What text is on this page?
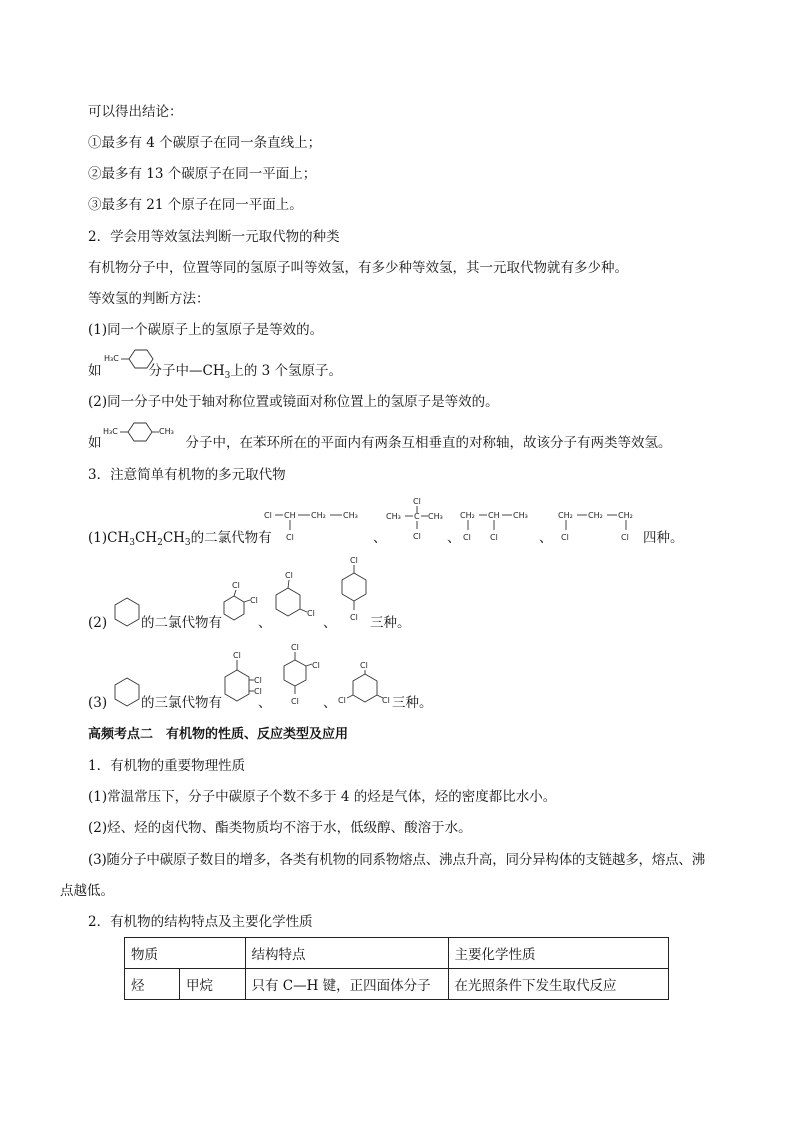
可以得出结论：
①最多有 4 个碳原子在同一条直线上；
②最多有 13 个碳原子在同一平面上；
③最多有 21 个原子在同一平面上。
2．学会用等效氢法判断一元取代物的种类
有机物分子中，位置等同的氢原子叫等效氢，有多少种等效氢，其一元取代物就有多少种。
等效氢的判断方法：
(1)同一个碳原子上的氢原子是等效的。
如	分子中$—CH_3$上的 3 个氢原子。
H₃C
(2)同一分子中处于轴对称位置或镜面对称位置上的氢原子是等效的。
如	分子中，在苯环所在的平面内有两条互相垂直的对称轴，故该分子有两类等效氢。
H₃C	CH₃
3．注意简单有机物的多元取代物
$(1)CH_3CH_2CH_3$的二氯代物有	、	、	、	四种。
Cl CH CH₂ CH₃
Cl
Cl
CH₃ C CH₃
Cl
CH₂ CH CH₃
Cl Cl
CH₂ CH₂ CH₂
Cl	Cl
(2)	的二氯代物有	、	、 三种。
Cl
Cl
Cl
Cl
Cl
Cl
(3)	的三氯代物有	、	、	三种。
Cl
Cl
Cl
Cl
Cl
Cl
Cl
Cl	Cl
高频考点二　有机物的性质、反应类型及应用
1．有机物的重要物理性质
(1)常温常压下，分子中碳原子个数不多于 4 的烃是气体，烃的密度都比水小。
(2)烃、烃的卤代物、酯类物质均不溶于水，低级醇、酸溶于水。
(3)随分子中碳原子数目的增多，各类有机物的同系物熔点、沸点升高，同分异构体的支链越多，熔点、沸
点越低。
2．有机物的结构特点及主要化学性质
物质		结构特点	主要化学性质
烃	甲烷	只有 C—H 键，正四面体分子	在光照条件下发生取代反应
